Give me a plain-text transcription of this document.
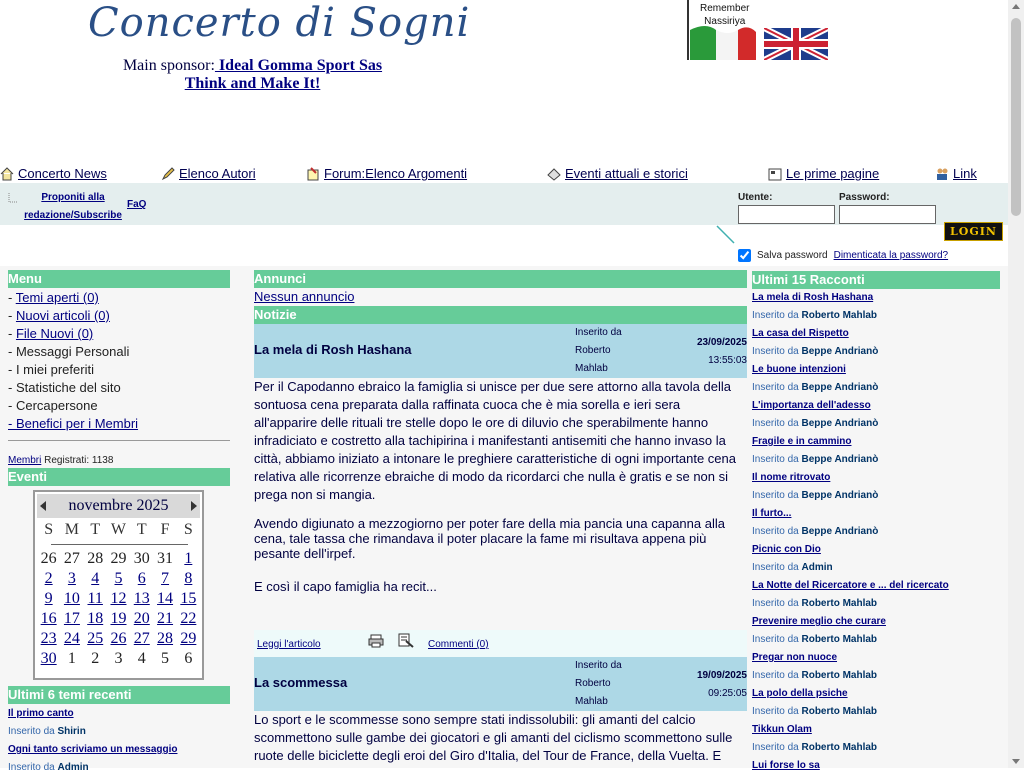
Concerto di Sogni
Main sponsor: Ideal Gomma Sport Sas
Think and Make It!
Remember
Nassiriya
Concerto News	Elenco Autori	Forum:Elenco Argomenti	Eventi attuali e storici	Le prime pagine	Link
Proponiti alla redazione/Subscribe
FaQ
Utente:	Password:
LOGIN
Salva password Dimenticata la password?
Menu
- Temi aperti (0)
- Nuovi articoli (0)
- File Nuovi (0)
- Messaggi Personali
- I miei preferiti
- Statistiche del sito
- Cercapersone
- Benefici per i Membri
Membri Registrati: 1138
Eventi
novembre 2025
S M T W T F S
26 27 28 29 30 31 1
2 3 4 5 6 7 8
9 10 11 12 13 14 15
16 17 18 19 20 21 22
23 24 25 26 27 28 29
30 1 2 3 4 5 6
Ultimi 6 temi recenti
Il primo canto
Inserito da Shirin
Ogni tanto scriviamo un messaggio
Inserito da Admin
Annunci
Nessun annuncio
Notizie
La mela di Rosh Hashana
Inserito da
Roberto
Mahlab
23/09/2025
13:55:03
Per il Capodanno ebraico la famiglia si unisce per due sere attorno alla tavola della sontuosa cena preparata dalla raffinata cuoca che è mia sorella e ieri sera all'apparire delle rituali tre stelle dopo le ore di diluvio che sperabilmente hanno infradiciato e costretto alla tachipirina i manifestanti antisemiti che hanno invaso la città, abbiamo iniziato a intonare le preghiere caratteristiche di ogni importante cena relativa alle ricorrenze ebraiche di modo da ricordarci che nulla è gratis e se non si prega non si mangia.
Avendo digiunato a mezzogiorno per poter fare della mia pancia una capanna alla cena, tale tassa che rimandava il poter placare la fame mi risultava appena più pesante dell'irpef.
E così il capo famiglia ha recit...
Leggi l'articolo	Commenti (0)
La scommessa
Inserito da
Roberto
Mahlab
19/09/2025
09:25:05
Lo sport e le scommesse sono sempre stati indissolubili: gli amanti del calcio scommettono sulle gambe dei giocatori e gli amanti del ciclismo scommettono sulle ruote delle biciclette degli eroi del Giro d'Italia, del Tour de France, della Vuelta. E
Ultimi 15 Racconti
La mela di Rosh Hashana
Inserito da Roberto Mahlab
La casa del Rispetto
Inserito da Beppe Andrianò
Le buone intenzioni
Inserito da Beppe Andrianò
L'importanza dell'adesso
Inserito da Beppe Andrianò
Fragile e in cammino
Inserito da Beppe Andrianò
Il nome ritrovato
Inserito da Beppe Andrianò
Il furto...
Inserito da Beppe Andrianò
Picnic con Dio
Inserito da Admin
La Notte del Ricercatore e ... del ricercato
Inserito da Roberto Mahlab
Prevenire meglio che curare
Inserito da Roberto Mahlab
Pregar non nuoce
Inserito da Roberto Mahlab
La polo della psiche
Inserito da Roberto Mahlab
Tikkun Olam
Inserito da Roberto Mahlab
Lui forse lo sa
